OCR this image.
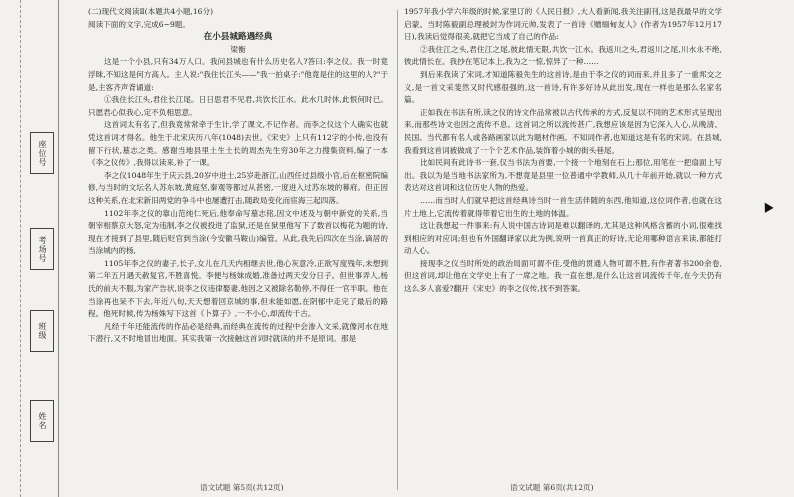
座位号
考场号
班级
姓名

(二)现代文阅读Ⅱ(本题共4小题,16分)

阅读下面的文字,完成6~9题。

在小县城路遇经典

梁衡

这是一个小县,只有34万人口。我问县城也有什么历史名人?答曰:李之仪。我一时竟浮昧,不知这是何方高人。主人说:"我住长江头——"我一拍桌子:"他竟是住的这里的人?"于是,主客齐声背诵道:

①我住长江头,君住长江尾。日日思君不见君,共饮长江水。此水几时休,此恨何时已。只愿君心似我心,定不负相思意。

这首词太有名了,但我竟常常牵于生计,学了课文,不记作者。而李之仪这个人确实也就凭这首词才得名。他生于北宋庆历八年(1048)去世。《宋史》上只有112字的小传,也没有留下行状,墓志之类。感谢当地县里土生土长的周杰先生穷30年之力搜集资料,编了一本《李之仪传》,我得以读来,补了一课。

李之仪1048年生于庆云县,20岁中进士,25岁赴浙江,山西任过县级小官,后在枢密院编修,与当时的文坛名人苏东坡,黄庭坚,秦观等都过从甚密,一度进入过苏东坡的幕府。但正因这种关系,在北宋新旧两党的争斗中也屡遭打击,随政局变化而宦海三起四落。

1102年李之仪的靠山范纯仁死后,他奉命写墓志铭,因文中述及与朝中新党的关系,当朝宰相蔡京大怒,定为违制,李之仪被投进了监狱,还是在狱里他写下了数首以梅花为题的诗,现在才接到了县里,随后贬官到当涂(今安徽马鞍山)编管。从此,我先后四次在当涂,谪居的当涂城内的杨,

1105年李之仪的妻子,长子,女儿在几天内相继去世,他心灰意冷,正欲写度残年,未想到第二年五月遇天赦复官,不胜喜悦。李便与杨妹成婚,准备过两天安分日子。但世事弄人,杨氏的前夫不服,为家产告状,说李之仪违律娶妻,他因之又被除名勒停,不得任一官半职。他在当涂再也呆不下去,年近八旬,天天想着回京城的事,但未能如愿,在阴郁中走完了最后的路程。他死时候,传为杨姝写下这首《卜算子》,一不小心,却流传千古。

凡经千年还能流传的作品必是经典,而经典在流传的过程中会渗入文采,就像河水在地下潜行,又不时地冒出地面。其实我第一次接触这首词时就读的并不是原词。那是

语文试题 第5页(共12页)

1957年我小学六年级的时候,家里订的《人民日报》,大人看新闻,我关注副刊,这是我最早的文学启蒙。当时陈毅副总理被封为作词元帅,发表了一首诗《赠缅甸友人》(作者为1957年12月17日),我读后觉得很美,就把它当成了自己的作品:

②我住江之头,君住江之尾,彼此情无限,共饮一江水。我返川之头,君返川之尾,川水永不绝,彼此情长在。我抄在笔记本上,我为之一惊,惊异了一种……

到后来我读了宋词,才知道陈毅先生的这首诗,是由于李之仪的词而来,并且多了一重邦交之义,是一首文采斐然又时代感很强的,这一首诗,有许多好诗从此出发,现在一样也是那么名家名篇。

正如我在书法有所,读之仪的诗文作品常被以古代传承的方式,反复以不同的艺术形式呈现出来,而那些诗文也因之流传不息。这首词之所以流传甚广,我想应该是因为它深入人心,从晚清、民国、当代都有名人或各路画家以此为题材作画。不知词作者,也知道这是有名的宋词。在县城,我看到这首词被做成了一个个艺术作品,装饰着小城的街头巷尾。

比如民间有此诗书一套,仅当书法为首要,一个接一个地刻在石上;那位,用笔在一把扇面上写出。我以为是当地书法家所为,不想竟是县里一位普通中学教师,从几十年前开始,就以一种方式表达对这首词和这位历史人物的热爱。

……而当时人们就早把这首经典诗当时一首生活伴随的东西,他知道,这位词作者,也就在这片土地上,它流传着就得带着它出生的土地的体温。

这让我想起一件事来:有人说中国古诗词是难以翻译的,尤其是这种风格含蓄的小词,很难找到相应的对应词;但也有外国翻译家以此为例,说明一首真正的好诗,无论用哪种语言来读,都能打动人心。

接现李之仪当时所处的政治局面可谓不佳,受他的贯通人物可谓不胜,有作者著书200余卷,但这首词,却让他在文学史上有了一席之地。我一直在想,是什么让这首词流传千年,在今天仍有这么多人喜爱?翻开《宋史》的李之仪传,找不到答案。

语文试题 第6页(共12页)
